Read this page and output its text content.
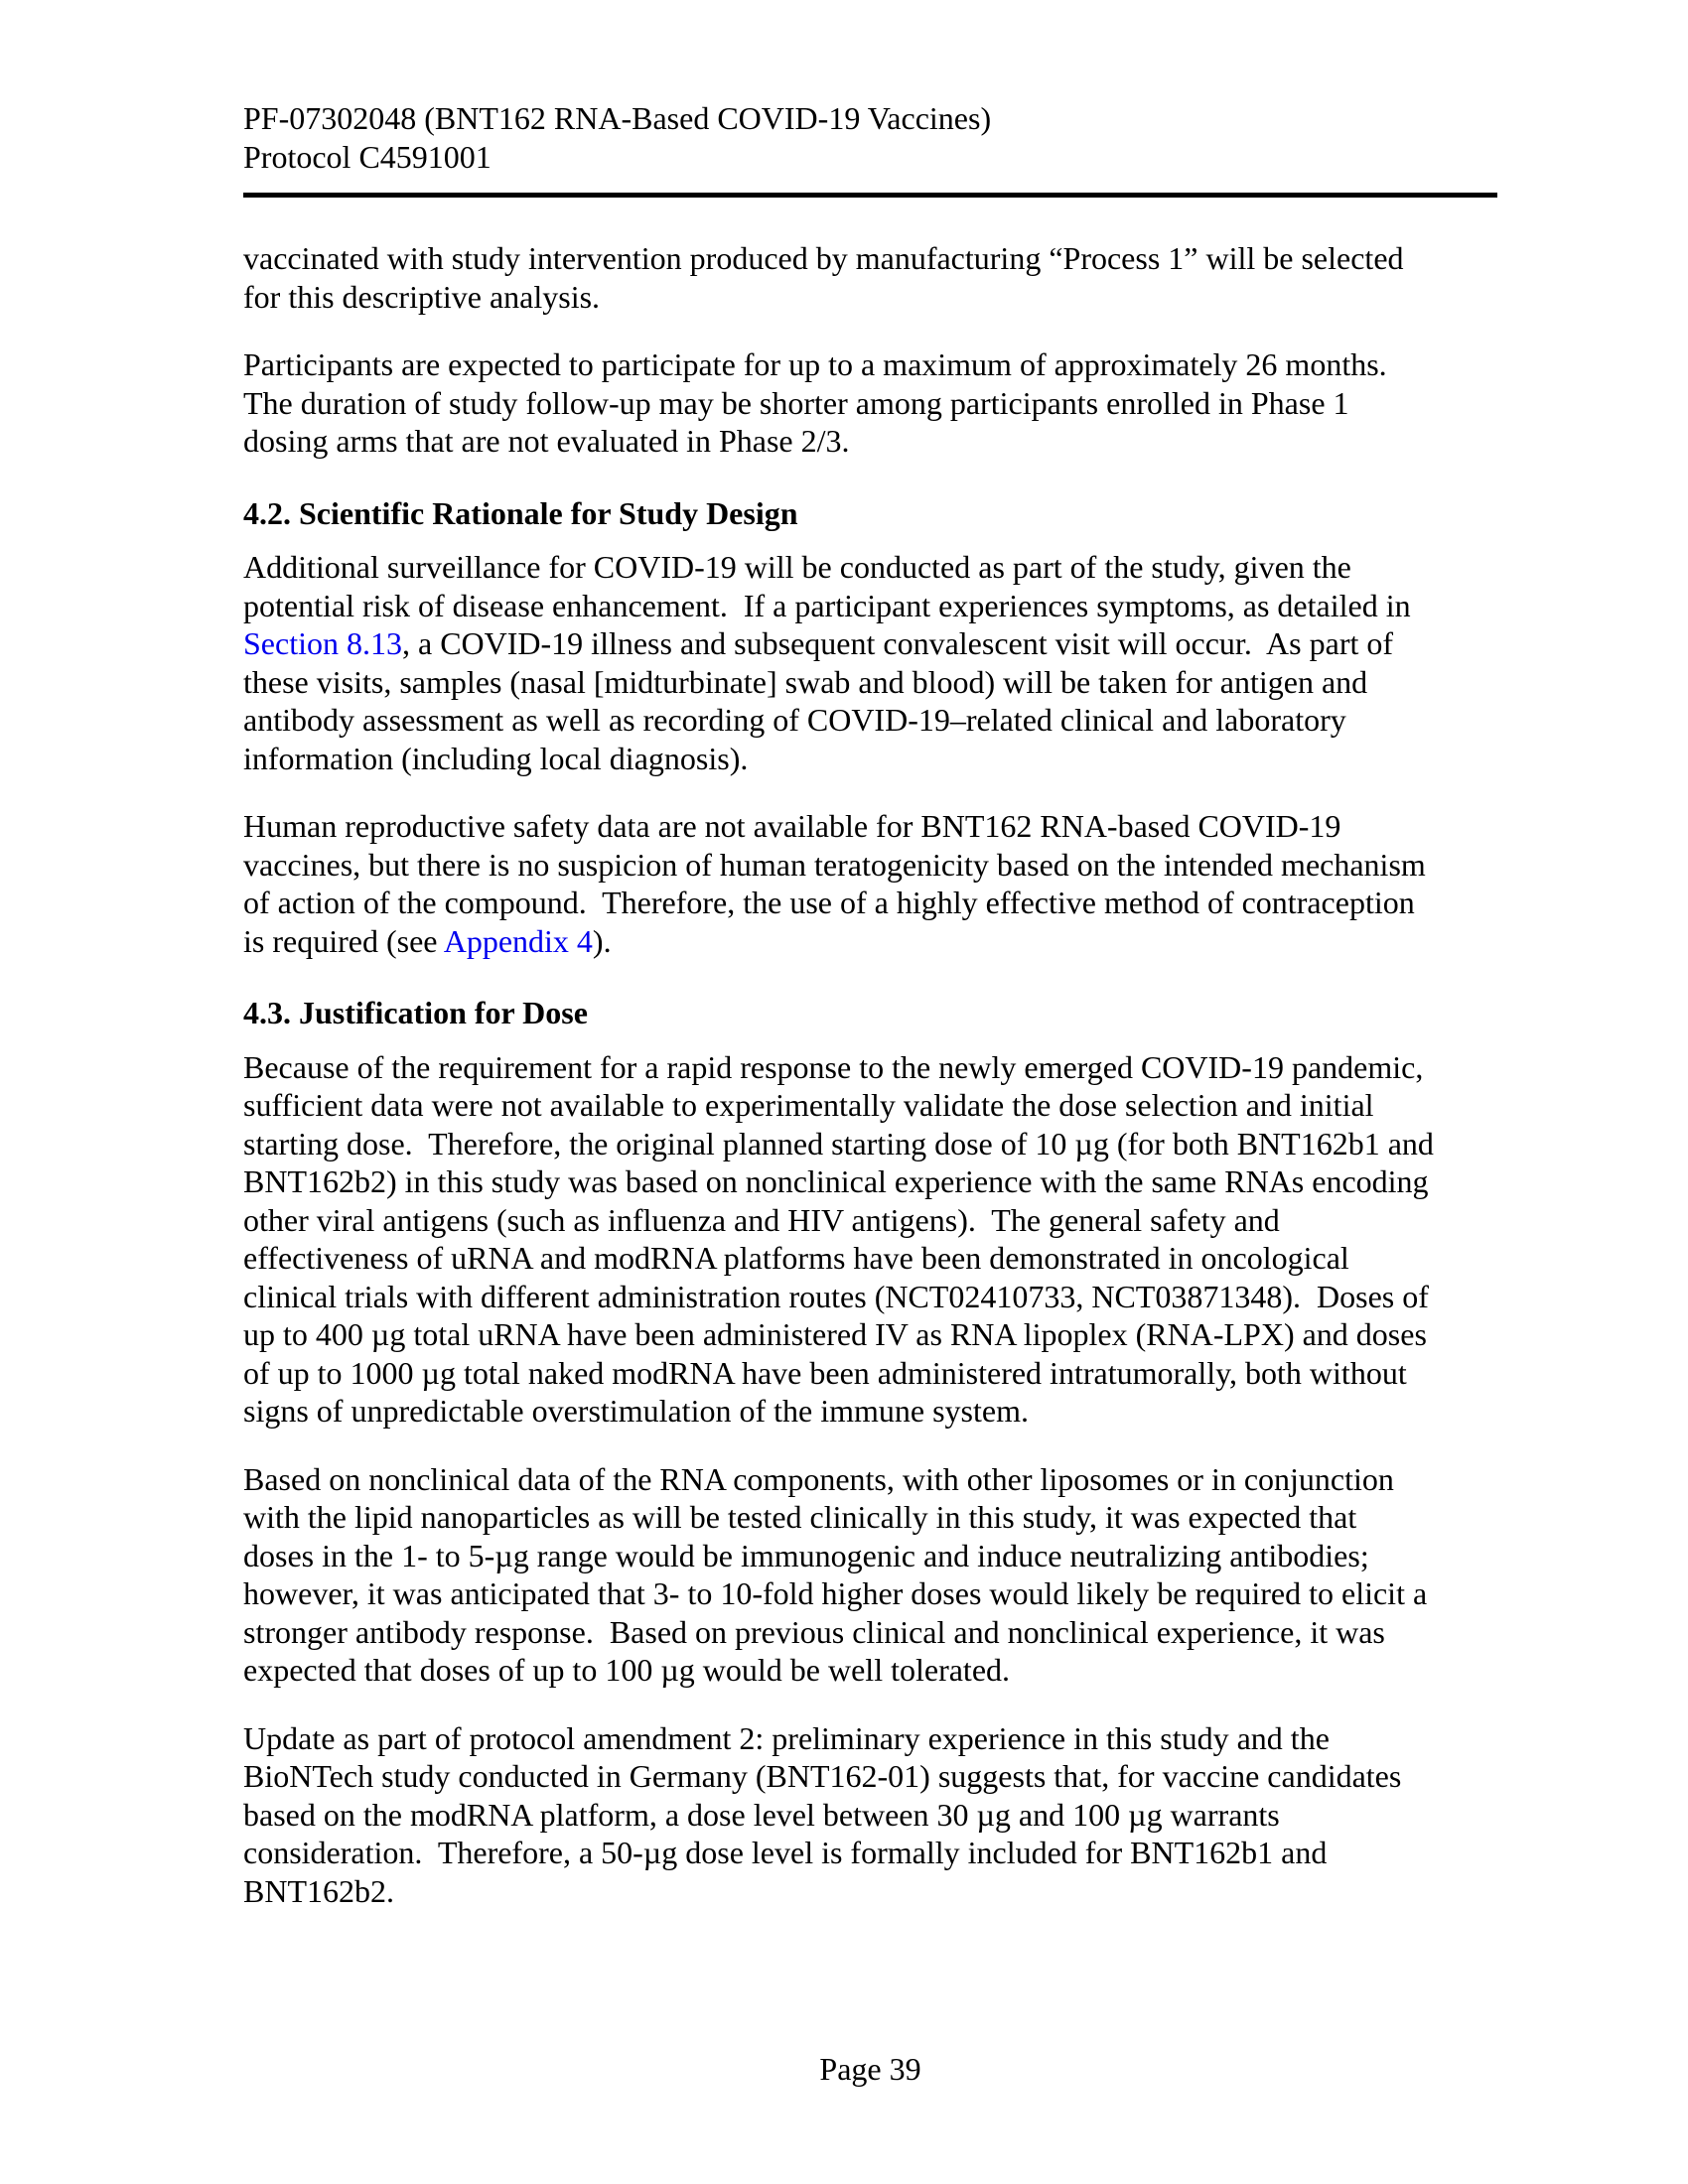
PF-07302048 (BNT162 RNA-Based COVID-19 Vaccines)
Protocol C4591001
vaccinated with study intervention produced by manufacturing “Process 1” will be selected
for this descriptive analysis.
Participants are expected to participate for up to a maximum of approximately 26 months.
The duration of study follow-up may be shorter among participants enrolled in Phase 1
dosing arms that are not evaluated in Phase 2/3.
4.2. Scientific Rationale for Study Design
Additional surveillance for COVID-19 will be conducted as part of the study, given the
potential risk of disease enhancement.  If a participant experiences symptoms, as detailed in
Section 8.13, a COVID-19 illness and subsequent convalescent visit will occur.  As part of
these visits, samples (nasal [midturbinate] swab and blood) will be taken for antigen and
antibody assessment as well as recording of COVID-19–related clinical and laboratory
information (including local diagnosis).
Human reproductive safety data are not available for BNT162 RNA-based COVID-19
vaccines, but there is no suspicion of human teratogenicity based on the intended mechanism
of action of the compound.  Therefore, the use of a highly effective method of contraception
is required (see Appendix 4).
4.3. Justification for Dose
Because of the requirement for a rapid response to the newly emerged COVID-19 pandemic,
sufficient data were not available to experimentally validate the dose selection and initial
starting dose.  Therefore, the original planned starting dose of 10 µg (for both BNT162b1 and
BNT162b2) in this study was based on nonclinical experience with the same RNAs encoding
other viral antigens (such as influenza and HIV antigens).  The general safety and
effectiveness of uRNA and modRNA platforms have been demonstrated in oncological
clinical trials with different administration routes (NCT02410733, NCT03871348).  Doses of
up to 400 µg total uRNA have been administered IV as RNA lipoplex (RNA-LPX) and doses
of up to 1000 µg total naked modRNA have been administered intratumorally, both without
signs of unpredictable overstimulation of the immune system.
Based on nonclinical data of the RNA components, with other liposomes or in conjunction
with the lipid nanoparticles as will be tested clinically in this study, it was expected that
doses in the 1- to 5-µg range would be immunogenic and induce neutralizing antibodies;
however, it was anticipated that 3- to 10-fold higher doses would likely be required to elicit a
stronger antibody response.  Based on previous clinical and nonclinical experience, it was
expected that doses of up to 100 µg would be well tolerated.
Update as part of protocol amendment 2: preliminary experience in this study and the
BioNTech study conducted in Germany (BNT162-01) suggests that, for vaccine candidates
based on the modRNA platform, a dose level between 30 µg and 100 µg warrants
consideration.  Therefore, a 50-µg dose level is formally included for BNT162b1 and
BNT162b2.
Page 39
